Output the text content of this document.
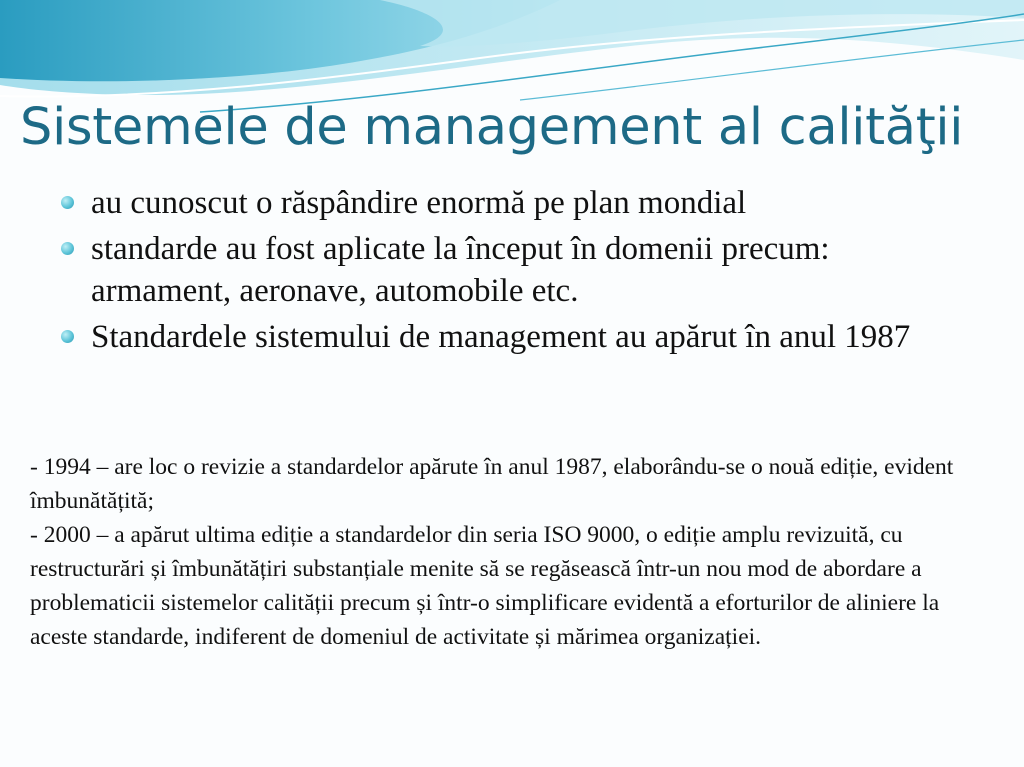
Sistemele de management al calităţii
au cunoscut o răspândire enormă pe plan mondial
standarde au fost aplicate la început în domenii precum: armament, aeronave, automobile etc.
Standardele sistemului de management au apărut în anul 1987

- 1994 – are loc o revizie a standardelor apărute în anul 1987, elaborându-se o nouă ediție, evident îmbunătățită;

- 2000 – a apărut ultima ediție a standardelor din seria ISO 9000, o ediție amplu revizuită, cu restructurări și îmbunătățiri substanțiale menite să se regăsească într-un nou mod de abordare a problematicii sistemelor calității precum și într-o simplificare evidentă a eforturilor de aliniere la aceste standarde, indiferent de domeniul de activitate și mărimea organizației.
